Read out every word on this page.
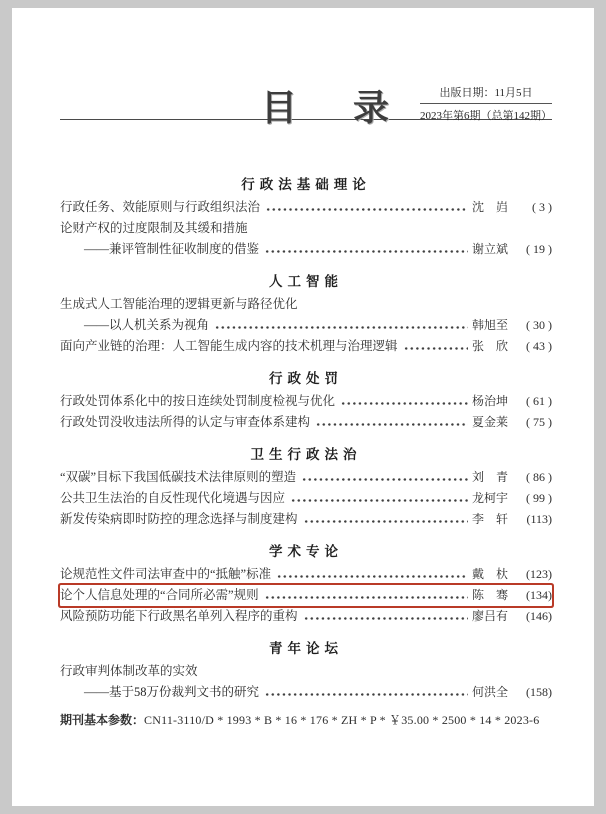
目　录	出版日期：11月5日
2023年第6期（总第142期）
行政法基础理论
行政任务、效能原则与行政组织法治	沈　岿	( 3 )
论财产权的过度限制及其缓和措施
——兼评管制性征收制度的借鉴	谢立斌	( 19 )
人工智能
生成式人工智能治理的逻辑更新与路径优化
——以人机关系为视角	韩旭至	( 30 )
面向产业链的治理：人工智能生成内容的技术机理与治理逻辑	张　欣	( 43 )
行政处罚
行政处罚体系化中的按日连续处罚制度检视与优化	杨治坤	( 61 )
行政处罚没收违法所得的认定与审查体系建构	夏金莱	( 75 )
卫生行政法治
“双碳”目标下我国低碳技术法律原则的塑造	刘　青	( 86 )
公共卫生法治的自反性现代化境遇与因应	龙柯宇	( 99 )
新发传染病即时防控的理念选择与制度建构	李　轩	(113)
学术专论
论规范性文件司法审查中的“抵触”标准	戴　杕	(123)
论个人信息处理的“合同所必需”规则	陈　骞	(134)
风险预防功能下行政黑名单列入程序的重构	廖吕有	(146)
青年论坛
行政审判体制改革的实效
——基于58万份裁判文书的研究	何洪全	(158)
期刊基本参数：CN11-3110/D * 1993 * B * 16 * 176 * ZH * P * ￥35.00 * 2500 * 14 * 2023-6
